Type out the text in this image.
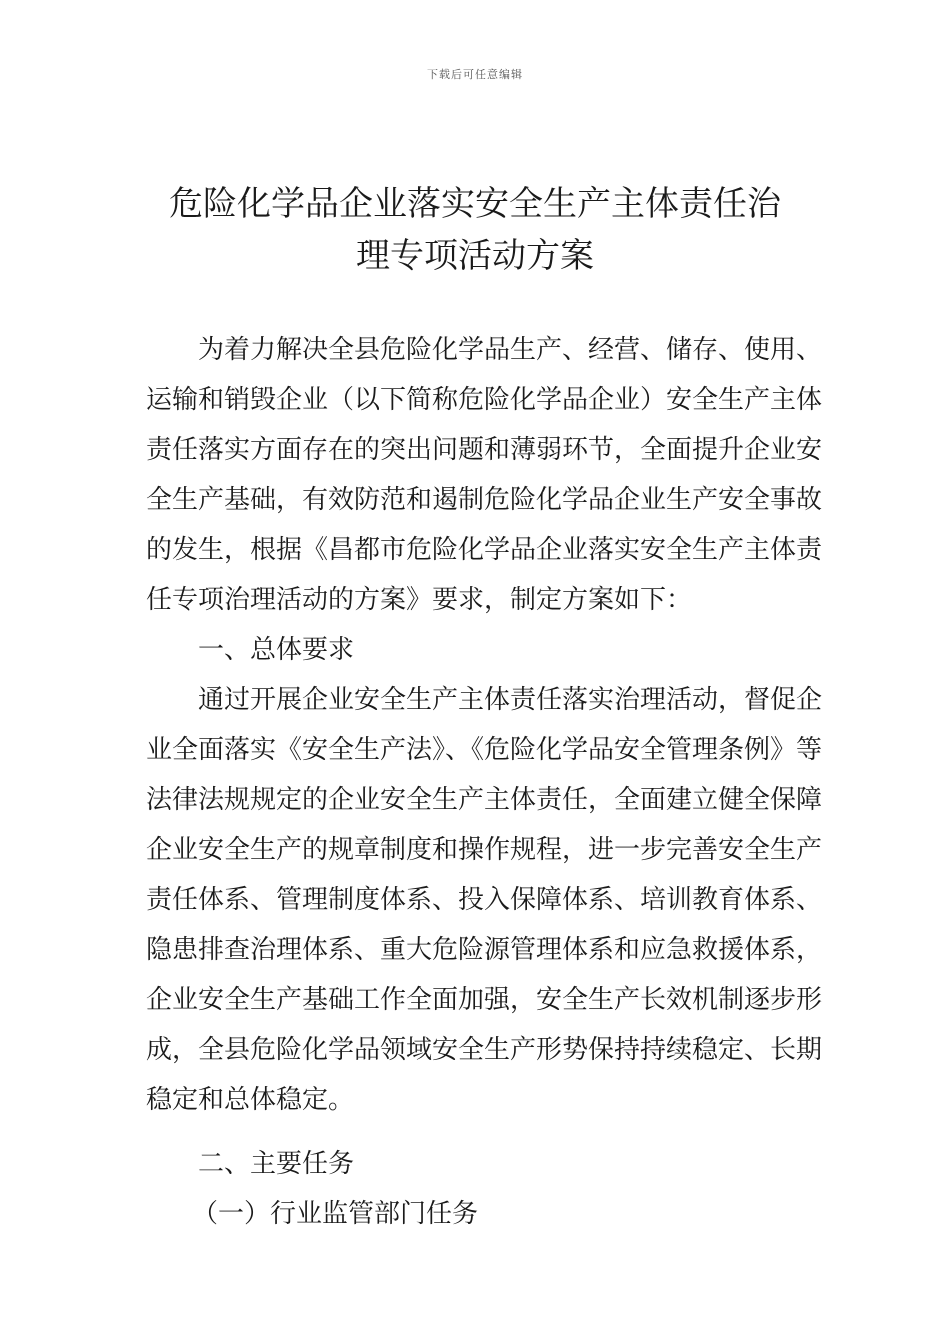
下载后可任意编辑
危险化学品企业落实安全生产主体责任治
理专项活动方案

为着力解决全县危险化学品生产、经营、储存、使用、运输和销毁企业（以下简称危险化学品企业）安全生产主体责任落实方面存在的突出问题和薄弱环节，全面提升企业安全生产基础，有效防范和遏制危险化学品企业生产安全事故的发生，根据《昌都市危险化学品企业落实安全生产主体责任专项治理活动的方案》要求，制定方案如下：

一、总体要求

通过开展企业安全生产主体责任落实治理活动，督促企业全面落实《安全生产法》、《危险化学品安全管理条例》等法律法规规定的企业安全生产主体责任，全面建立健全保障企业安全生产的规章制度和操作规程，进一步完善安全生产责任体系、管理制度体系、投入保障体系、培训教育体系、隐患排查治理体系、重大危险源管理体系和应急救援体系，企业安全生产基础工作全面加强，安全生产长效机制逐步形成，全县危险化学品领域安全生产形势保持持续稳定、长期稳定和总体稳定。

二、主要任务

（一）行业监管部门任务
